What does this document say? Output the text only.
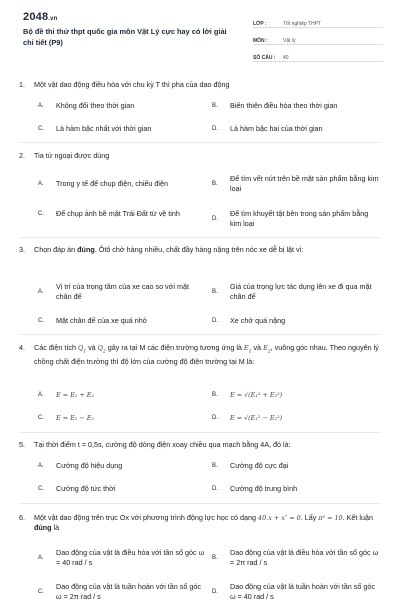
2048.vn
Bộ đề thi thử thpt quốc gia môn Vật Lý cực hay có lời giải chi tiết (P9)
LỚP :	Tốt nghiệp THPT
MÔN :	Vật lý
SỐ CÂU :	40
1.	Một vật dao động điều hòa với chu kỳ T thì pha của dao động
A.	Không đổi theo thời gian	B.	Biến thiên điều hòa theo thời gian
C.	Là hàm bậc nhất với thời gian	D.	Là hàm bậc hai của thời gian
2.	Tia tử ngoại được dùng
A.	Trong y tế để chụp điện, chiếu điện	B.
Để tìm vết nứt trên bề mặt sản phẩm bằng kim loại
C.	Để chụp ảnh bề mặt Trái Đất từ vệ tinh
D.
Để tìm khuyết tật bên trong sản phẩm bằng kim loại
3.	Chọn đáp án đúng. Ôtô chở hàng nhiều, chất đầy hàng nặng trên nóc xe dễ bị lật vì:
A.
Vị trí của trọng tâm của xe cao so với mặt chân đế	B.
Giá của trọng lực tác dụng lên xe đi qua mặt chân đế
C.	Mặt chân đế của xe quá nhỏ	D.	Xe chở quá nặng
4.	Các điện tích $Q_1$ và $Q_2$ gây ra tại M các điện trường tương ứng là $E_1$ và $E_2$, vuông góc nhau. Theo nguyên lý chồng chất điện trường thì độ lớn của cường độ điện trường tại M là:
A.	E = E₁ + E₂	B.	E = √(E₁² + E₂²)
C.	E = E₁ − E₂	D.	E = √(E₁² − E₂²)
5.	Tại thời điểm t = 0,5s, cường độ dòng điện xoay chiều qua mạch bằng 4A, đó là:
A.	Cường độ hiệu dụng	B.	Cường độ cực đại
C.	Cường độ tức thời	D.	Cường độ trung bình
6.	Một vật dao động trên trục Ox với phương trình động lực học có dạng 40.x + x″ = 0. Lấy π² = 10. Kết luận đúng là
A.
Dao động của vật là điều hòa với tần số góc ω = 40 rad / s	B.
Dao động của vật là điều hòa với tần số góc ω = 2π rad / s
C.
Dao động của vật là tuần hoàn với tần số góc ω = 2π rad / s	D.
Dao động của vật là tuần hoàn với tần số góc ω = 40 rad / s
